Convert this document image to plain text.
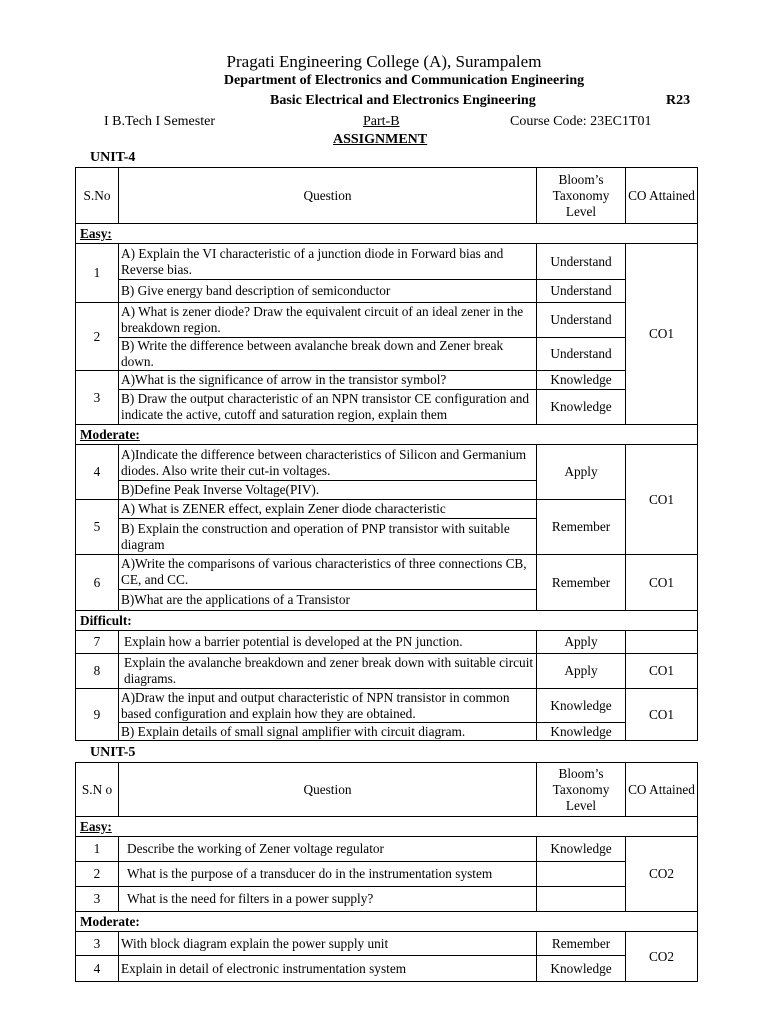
Pragati Engineering College (A), Surampalem
Department of Electronics and Communication Engineering
Basic Electrical and Electronics Engineering	R23
I B.Tech I Semester	Part-B	Course Code: 23EC1T01
ASSIGNMENT
UNIT-4
S.No	Question	Bloom’s Taxonomy Level	CO Attained
Easy:			
1	A) Explain the VI characteristic of a junction diode in Forward bias and Reverse bias.	Understand	CO1
	B) Give energy band description of semiconductor	Understand	
2	A) What is zener diode? Draw the equivalent circuit of an ideal zener in the breakdown region.	Understand	
	B) Write the difference between avalanche break down and Zener break down.	Understand	
3	A)What is the significance of arrow in the transistor symbol?	Knowledge	
	B) Draw the output characteristic of an NPN transistor CE configuration and indicate the active, cutoff and saturation region, explain them	Knowledge	
Moderate:			
4	A)Indicate the difference between characteristics of Silicon and Germanium diodes. Also write their cut-in voltages.	Apply	CO1
	B)Define Peak Inverse Voltage(PIV).		
5	A) What is ZENER effect, explain Zener diode characteristic	Remember	
	B) Explain the construction and operation of PNP transistor with suitable diagram		
6	A)Write the comparisons of various characteristics of three connections CB, CE, and CC.	Remember	CO1
	B)What are the applications of a Transistor		
Difficult:			
7	Explain how a barrier potential is developed at the PN junction.	Apply	
8	Explain the avalanche breakdown and zener break down with suitable circuit diagrams.	Apply	CO1
9	A)Draw the input and output characteristic of NPN transistor in common based configuration and explain how they are obtained.	Knowledge	CO1
	B) Explain details of small signal amplifier with circuit diagram.	Knowledge	
UNIT-5
S.N o	Question	Bloom’s Taxonomy Level	CO Attained
Easy:			
1	Describe the working of Zener voltage regulator	Knowledge	CO2
2	What is the purpose of a transducer do in the instrumentation system		
3	What is the need for filters in a power supply?		
Moderate:			
3	With block diagram explain the power supply unit	Remember	CO2
4	Explain in detail of electronic instrumentation system	Knowledge	
